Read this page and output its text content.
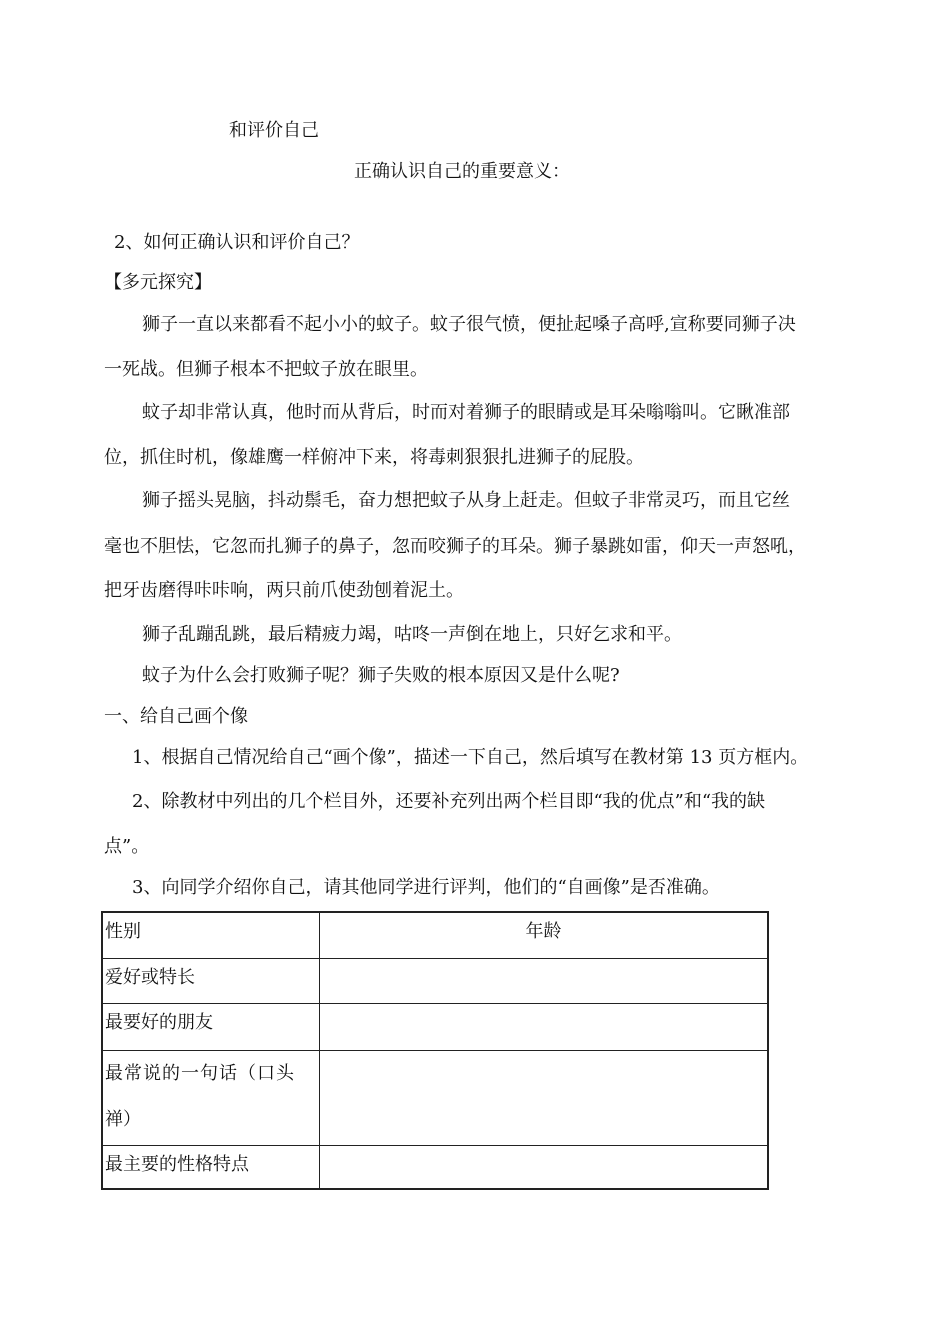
和评价自己
正确认识自己的重要意义：
2、如何正确认识和评价自己？
【多元探究】
狮子一直以来都看不起小小的蚊子。蚊子很气愤，便扯起嗓子高呼,宣称要同狮子决
一死战。但狮子根本不把蚊子放在眼里。
蚊子却非常认真，他时而从背后，时而对着狮子的眼睛或是耳朵嗡嗡叫。它瞅准部
位，抓住时机，像雄鹰一样俯冲下来，将毒刺狠狠扎进狮子的屁股。
狮子摇头晃脑，抖动鬃毛，奋力想把蚊子从身上赶走。但蚊子非常灵巧，而且它丝
毫也不胆怯，它忽而扎狮子的鼻子，忽而咬狮子的耳朵。狮子暴跳如雷，仰天一声怒吼，
把牙齿磨得咔咔响，两只前爪使劲刨着泥土。
狮子乱蹦乱跳，最后精疲力竭，咕咚一声倒在地上，只好乞求和平。
蚊子为什么会打败狮子呢？狮子失败的根本原因又是什么呢?
一、给自己画个像
1、根据自己情况给自己“画个像”，描述一下自己，然后填写在教材第 13 页方框内。
2、除教材中列出的几个栏目外，还要补充列出两个栏目即“我的优点”和“我的缺
点”。
3、向同学介绍你自己，请其他同学进行评判，他们的“自画像”是否准确。
性别	年龄
爱好或特长	
最要好的朋友	

最常说的一句话（口头
禅）	

最主要的性格特点	
